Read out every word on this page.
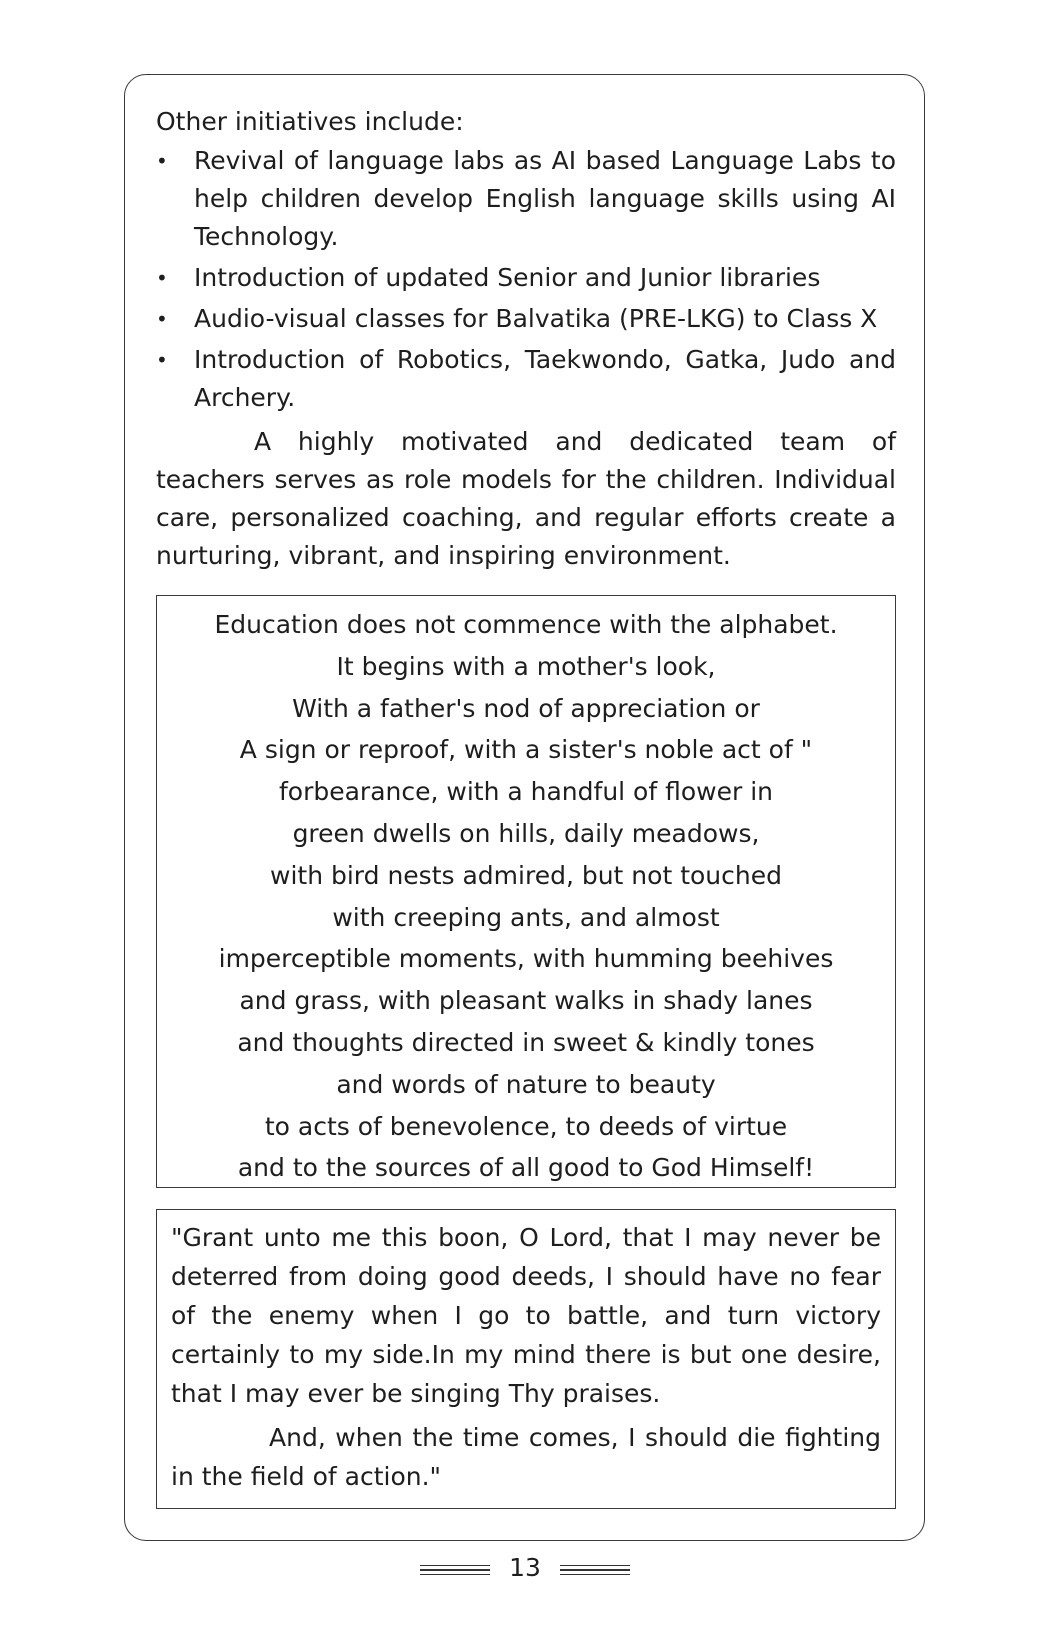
Other initiatives include:
• Revival of language labs as AI based Language Labs to help children develop English language skills using AI Technology.
• Introduction of updated Senior and Junior libraries
• Audio-visual classes for Balvatika (PRE-LKG) to Class X
• Introduction of Robotics, Taekwondo, Gatka, Judo and Archery.

A highly motivated and dedicated team of teachers serves as role models for the children. Individual care, personalized coaching, and regular efforts create a nurturing, vibrant, and inspiring environment.

Education does not commence with the alphabet.
It begins with a mother's look,
With a father's nod of appreciation or
A sign or reproof, with a sister's noble act of "
forbearance, with a handful of flower in
green dwells on hills, daily meadows,
with bird nests admired, but not touched
with creeping ants, and almost
imperceptible moments, with humming beehives
and grass, with pleasant walks in shady lanes
and thoughts directed in sweet & kindly tones
and words of nature to beauty
to acts of benevolence, to deeds of virtue
and to the sources of all good to God Himself!

"Grant unto me this boon, O Lord, that I may never be deterred from doing good deeds, I should have no fear of the enemy when I go to battle, and turn victory certainly to my side.In my mind there is but one desire, that I may ever be singing Thy praises.

And, when the time comes, I should die fighting in the field of action."

13
